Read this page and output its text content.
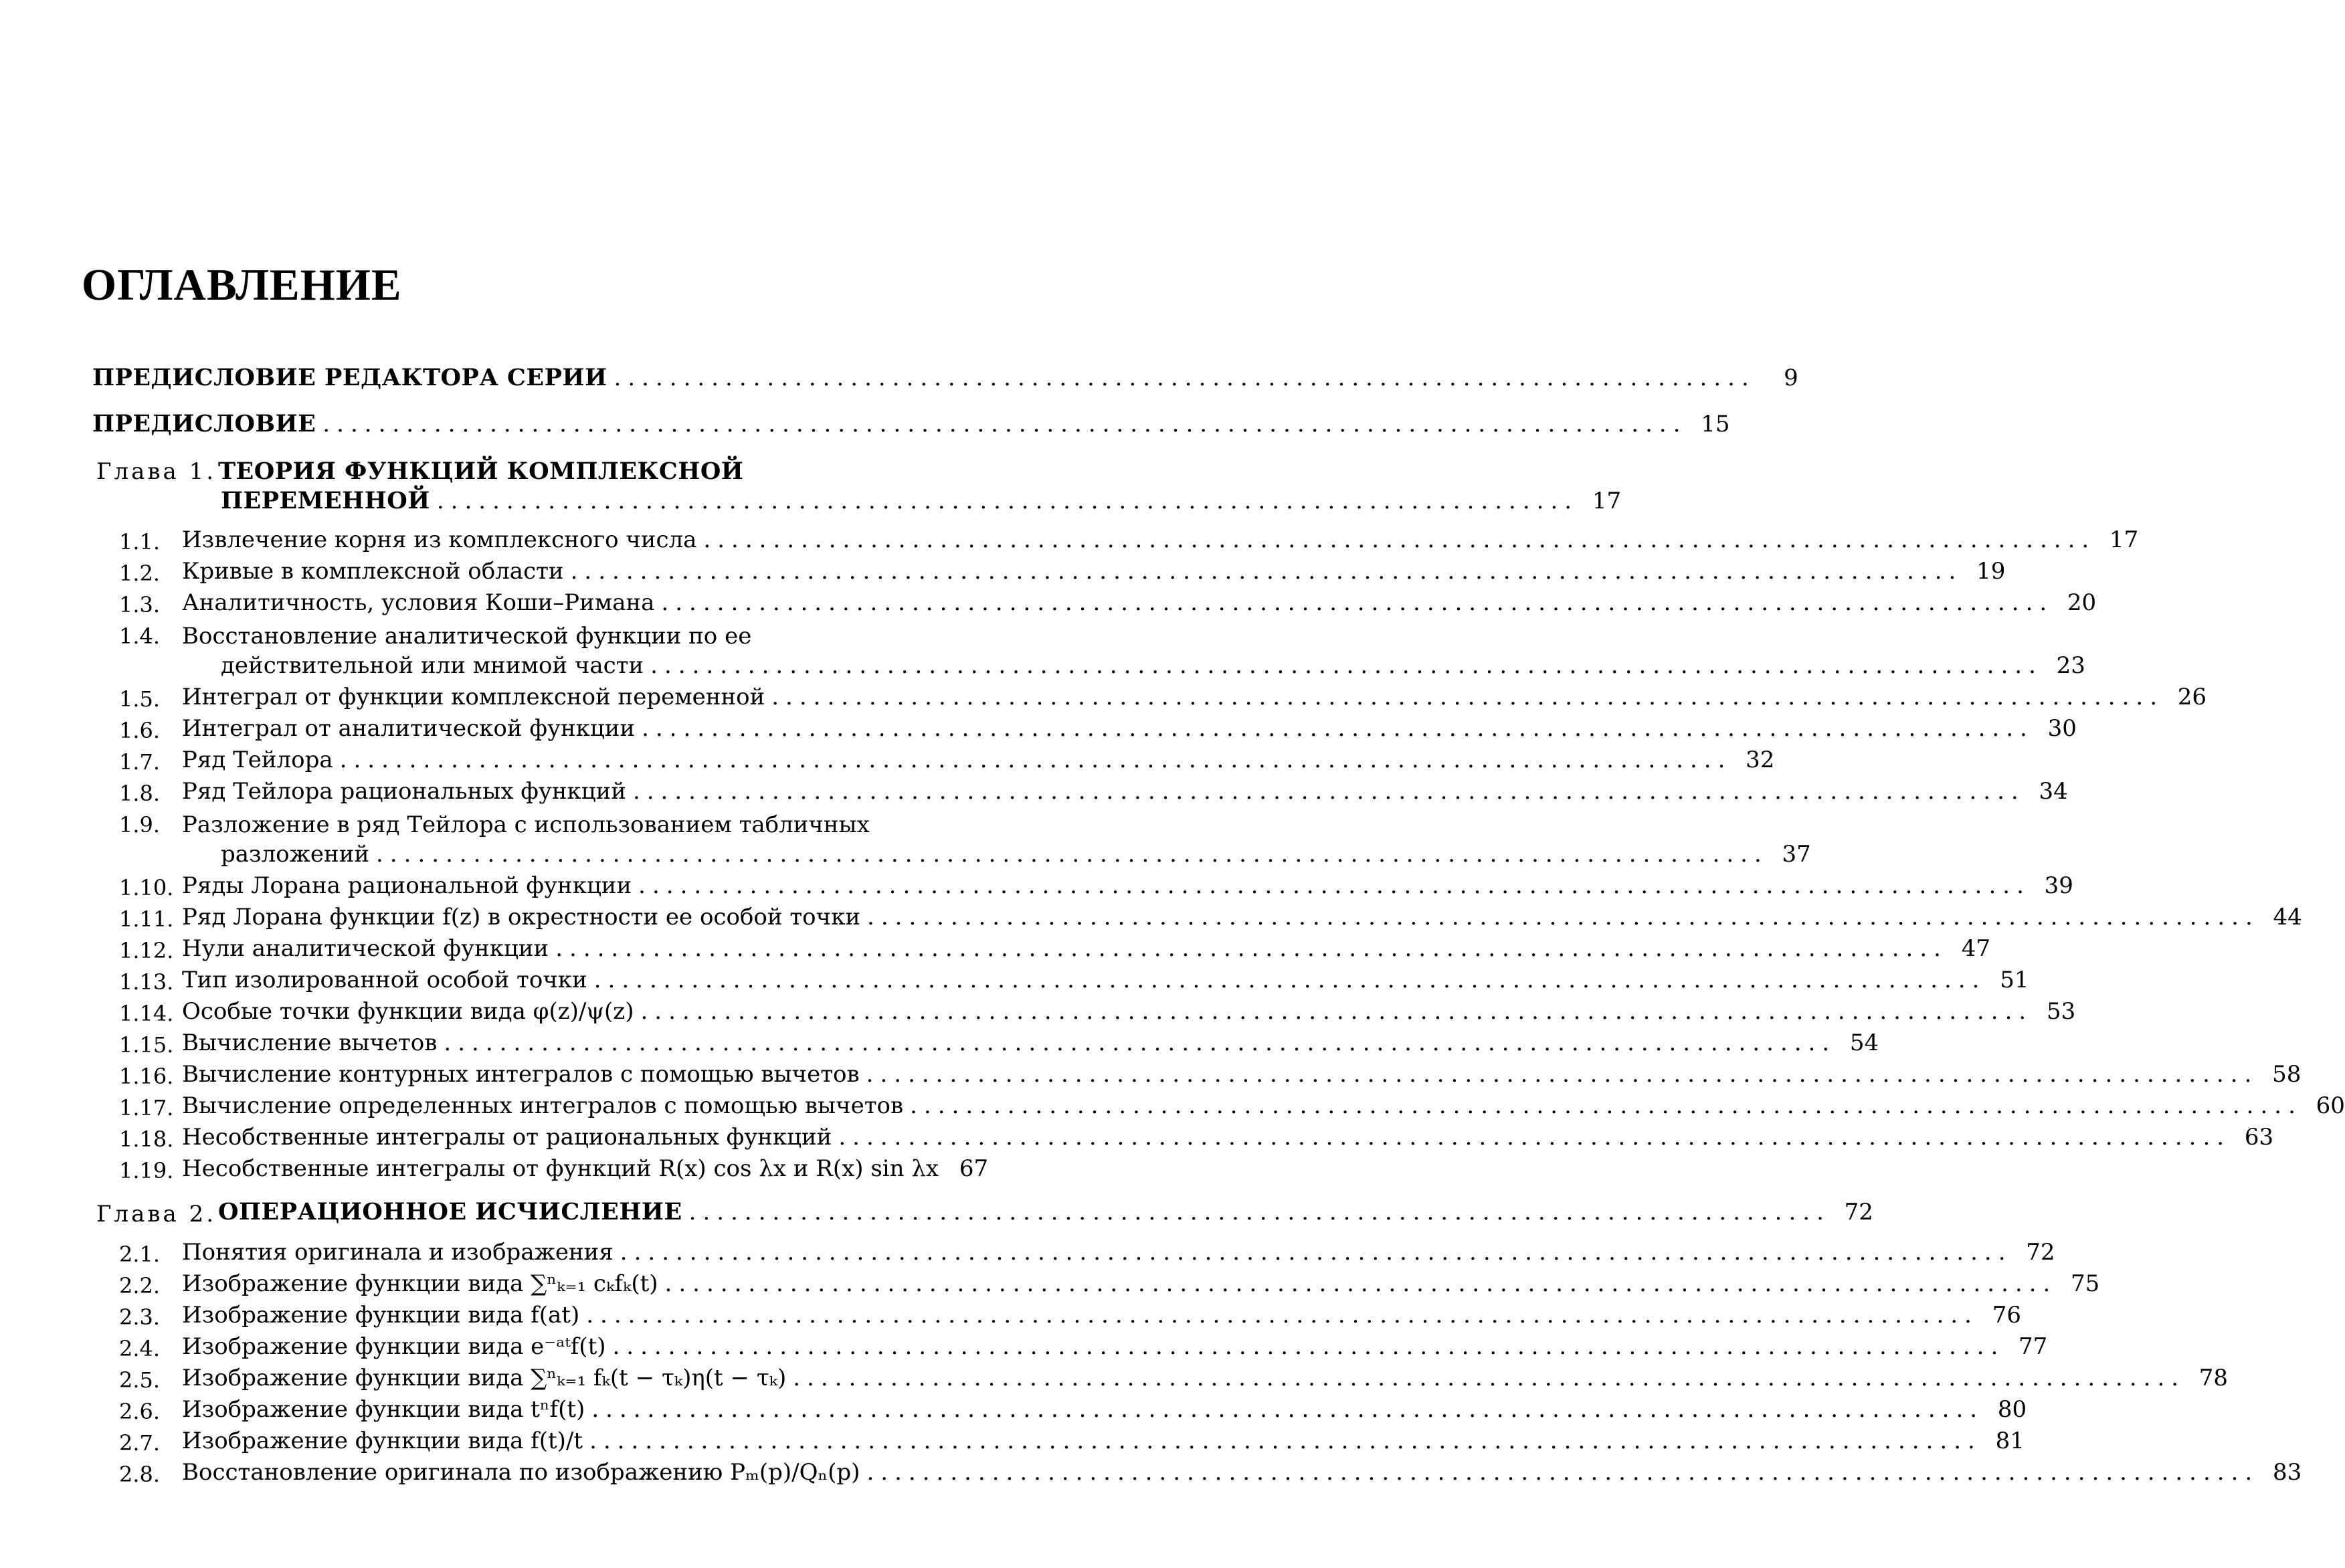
ОГЛАВЛЕНИЕ
ПРЕДИСЛОВИЕ РЕДАКТОРА СЕРИИ ..................................................................................	9
ПРЕДИСЛОВИЕ .................................................................................................. 15
Глава 1. ТЕОРИЯ ФУНКЦИЙ КОМПЛЕКСНОЙ
ПЕРЕМЕННОЙ .................................................................................. 17
1.1. Извлечение корня из комплексного числа .................................................................................................... 17
1.2. Кривые в комплексной области .................................................................................................... 19
1.3. Аналитичность, условия Коши–Римана .................................................................................................... 20
1.4. Восстановление аналитической функции по ее
действительной или мнимой части .................................................................................................... 23
1.5. Интеграл от функции комплексной переменной .................................................................................................... 26
1.6. Интеграл от аналитической функции .................................................................................................... 30
1.7. Ряд Тейлора .................................................................................................... 32
1.8. Ряд Тейлора рациональных функций .................................................................................................... 34
1.9. Разложение в ряд Тейлора с использованием табличных
разложений .................................................................................................... 37
1.10. Ряды Лорана рациональной функции .................................................................................................... 39
1.11. Ряд Лорана функции f(z) в окрестности ее особой точки .................................................................................................... 44
1.12. Нули аналитической функции .................................................................................................... 47
1.13. Тип изолированной особой точки .................................................................................................... 51
1.14. Особые точки функции вида φ(z)/ψ(z) .................................................................................................... 53
1.15. Вычисление вычетов .................................................................................................... 54
1.16. Вычисление контурных интегралов с помощью вычетов .................................................................................................... 58
1.17. Вычисление определенных интегралов с помощью вычетов .................................................................................................... 60
1.18. Несобственные интегралы от рациональных функций .................................................................................................... 63
1.19. Несобственные интегралы от функций R(x) cos λx и R(x) sin λx 67
Глава 2. ОПЕРАЦИОННОЕ ИСЧИСЛЕНИЕ .................................................................................. 72
2.1. Понятия оригинала и изображения .................................................................................................... 72
2.2. Изображение функции вида ∑ⁿₖ₌₁ cₖfₖ(t) .................................................................................................... 75
2.3. Изображение функции вида f(at) .................................................................................................... 76
2.4. Изображение функции вида e⁻ᵃᵗf(t) .................................................................................................... 77
2.5. Изображение функции вида ∑ⁿₖ₌₁ fₖ(t − τₖ)η(t − τₖ) .................................................................................................... 78
2.6. Изображение функции вида tⁿf(t) .................................................................................................... 80
2.7. Изображение функции вида f(t)/t .................................................................................................... 81
2.8. Восстановление оригинала по изображению Pₘ(p)/Qₙ(p) .................................................................................................... 83
